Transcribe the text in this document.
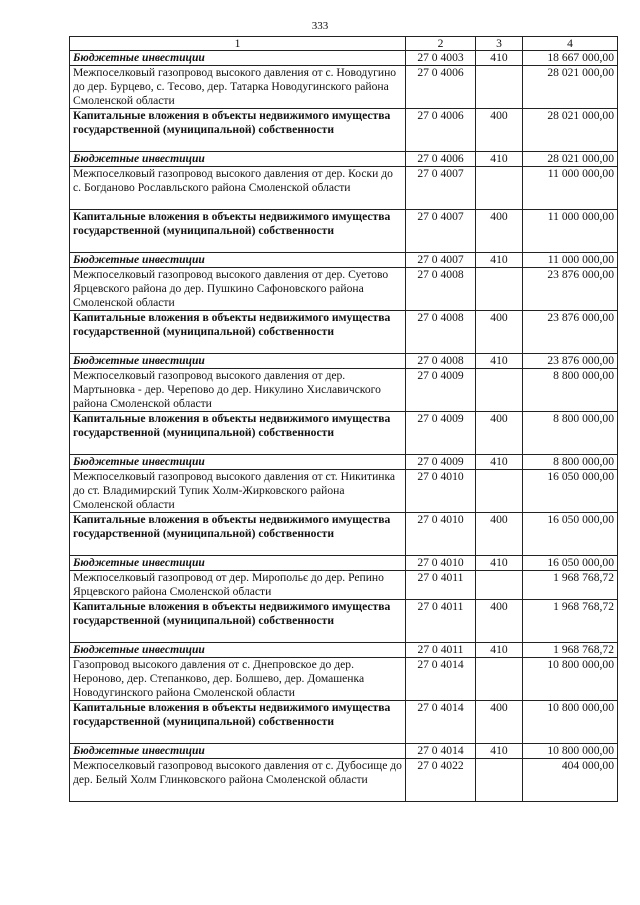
333
1	2	3	4
Бюджетные инвестиции	27 0 4003	410	18 667 000,00
Межпоселковый газопровод высокого давления от с. Новодугино до дер. Бурцево, с. Тесово, дер. Татарка Новодугинского района Смоленской области	27 0 4006		28 021 000,00
Капитальные вложения в объекты недвижимого имущества государственной (муниципальной) собственности	27 0 4006	400	28 021 000,00
Бюджетные инвестиции	27 0 4006	410	28 021 000,00
Межпоселковый газопровод высокого давления от дер. Коски до с. Богданово Рославльского района Смоленской области	27 0 4007		11 000 000,00
Капитальные вложения в объекты недвижимого имущества государственной (муниципальной) собственности	27 0 4007	400	11 000 000,00
Бюджетные инвестиции	27 0 4007	410	11 000 000,00
Межпоселковый газопровод высокого давления от дер. Суетово Ярцевского района до дер. Пушкино Сафоновского района Смоленской области	27 0 4008		23 876 000,00
Капитальные вложения в объекты недвижимого имущества государственной (муниципальной) собственности	27 0 4008	400	23 876 000,00
Бюджетные инвестиции	27 0 4008	410	23 876 000,00
Межпоселковый газопровод высокого давления от дер. Мартыновка - дер. Черепово до дер. Никулино Хиславичского района Смоленской области	27 0 4009		8 800 000,00
Капитальные вложения в объекты недвижимого имущества государственной (муниципальной) собственности	27 0 4009	400	8 800 000,00
Бюджетные инвестиции	27 0 4009	410	8 800 000,00
Межпоселковый газопровод высокого давления от ст. Никитинка до ст. Владимирский Тупик Холм-Жирковского района Смоленской области	27 0 4010		16 050 000,00
Капитальные вложения в объекты недвижимого имущества государственной (муниципальной) собственности	27 0 4010	400	16 050 000,00
Бюджетные инвестиции	27 0 4010	410	16 050 000,00
Межпоселковый газопровод от дер. Миропольє до дер. Репино Ярцевского района Смоленской области	27 0 4011		1 968 768,72
Капитальные вложения в объекты недвижимого имущества государственной (муниципальной) собственности	27 0 4011	400	1 968 768,72
Бюджетные инвестиции	27 0 4011	410	1 968 768,72
Газопровод высокого давления от с. Днепровское до дер. Нероново, дер. Степанково, дер. Болшево, дер. Домашенка Новодугинского района Смоленской области	27 0 4014		10 800 000,00
Капитальные вложения в объекты недвижимого имущества государственной (муниципальной) собственности	27 0 4014	400	10 800 000,00
Бюджетные инвестиции	27 0 4014	410	10 800 000,00
Межпоселковый газопровод высокого давления от с. Дубосище до дер. Белый Холм Глинковского района Смоленской области	27 0 4022		404 000,00
